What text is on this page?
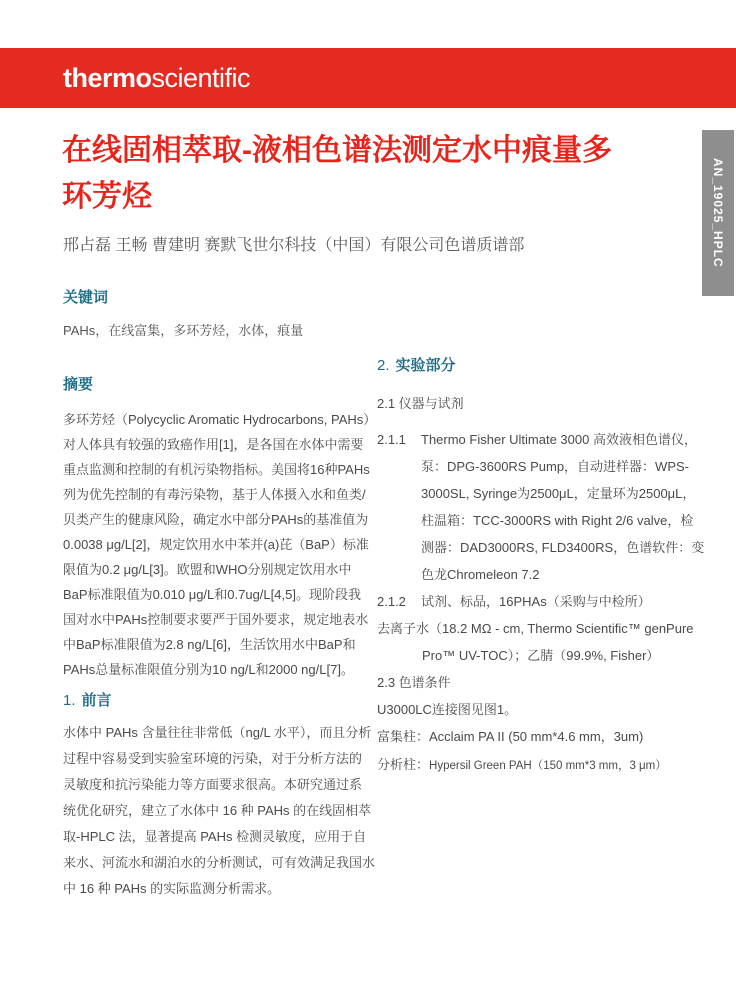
thermoscientific
AN_19025_HPLC
在线固相萃取-液相色谱法测定水中痕量多
环芳烃
邢占磊 王畅 曹建明 赛默飞世尔科技（中国）有限公司色谱质谱部
关键词
PAHs，在线富集，多环芳烃，水体，痕量
摘要
多环芳烃（Polycyclic Aromatic Hydrocarbons, PAHs）
对人体具有较强的致癌作用[1]，是各国在水体中需要
重点监测和控制的有机污染物指标。美国将16种PAHs
列为优先控制的有毒污染物，基于人体摄入水和鱼类/
贝类产生的健康风险，确定水中部分PAHs的基准值为
0.0038 μg/L[2]，规定饮用水中苯并(a)芘（BaP）标准
限值为0.2 μg/L[3]。欧盟和WHO分别规定饮用水中
BaP标准限值为0.010 μg/L和0.7ug/L[4,5]。现阶段我
国对水中PAHs控制要求要严于国外要求，规定地表水
中BaP标准限值为2.8 ng/L[6]，生活饮用水中BaP和
PAHs总量标准限值分别为10 ng/L和2000 ng/L[7]。
1. 前言
水体中 PAHs 含量往往非常低（ng/L 水平），而且分析
过程中容易受到实验室环境的污染，对于分析方法的
灵敏度和抗污染能力等方面要求很高。本研究通过系
统优化研究，建立了水体中 16 种 PAHs 的在线固相萃
取-HPLC 法，显著提高 PAHs 检测灵敏度，应用于自
来水、河流水和湖泊水的分析测试，可有效满足我国水
中 16 种 PAHs 的实际监测分析需求。
2. 实验部分
2.1 仪器与试剂
2.1.1 Thermo Fisher Ultimate 3000 高效液相色谱仪，
泵：DPG-3600RS Pump，自动进样器：WPS-
3000SL, Syringe为2500μL，定量环为2500μL，
柱温箱：TCC-3000RS with Right 2/6 valve，检
测器：DAD3000RS, FLD3400RS，色谱软件：变
色龙Chromeleon 7.2
2.1.2 试剂、标品，16PHAs（采购与中检所）
去离子水（18.2 MΩ - cm, Thermo Scientific™ genPure
Pro™ UV-TOC）；乙腈（99.9%, Fisher）
2.3 色谱条件
U3000LC连接图见图1。
富集柱：Acclaim PA II (50 mm*4.6 mm，3um)
分析柱：Hypersil Green PAH（150 mm*3 mm，3 μm）
